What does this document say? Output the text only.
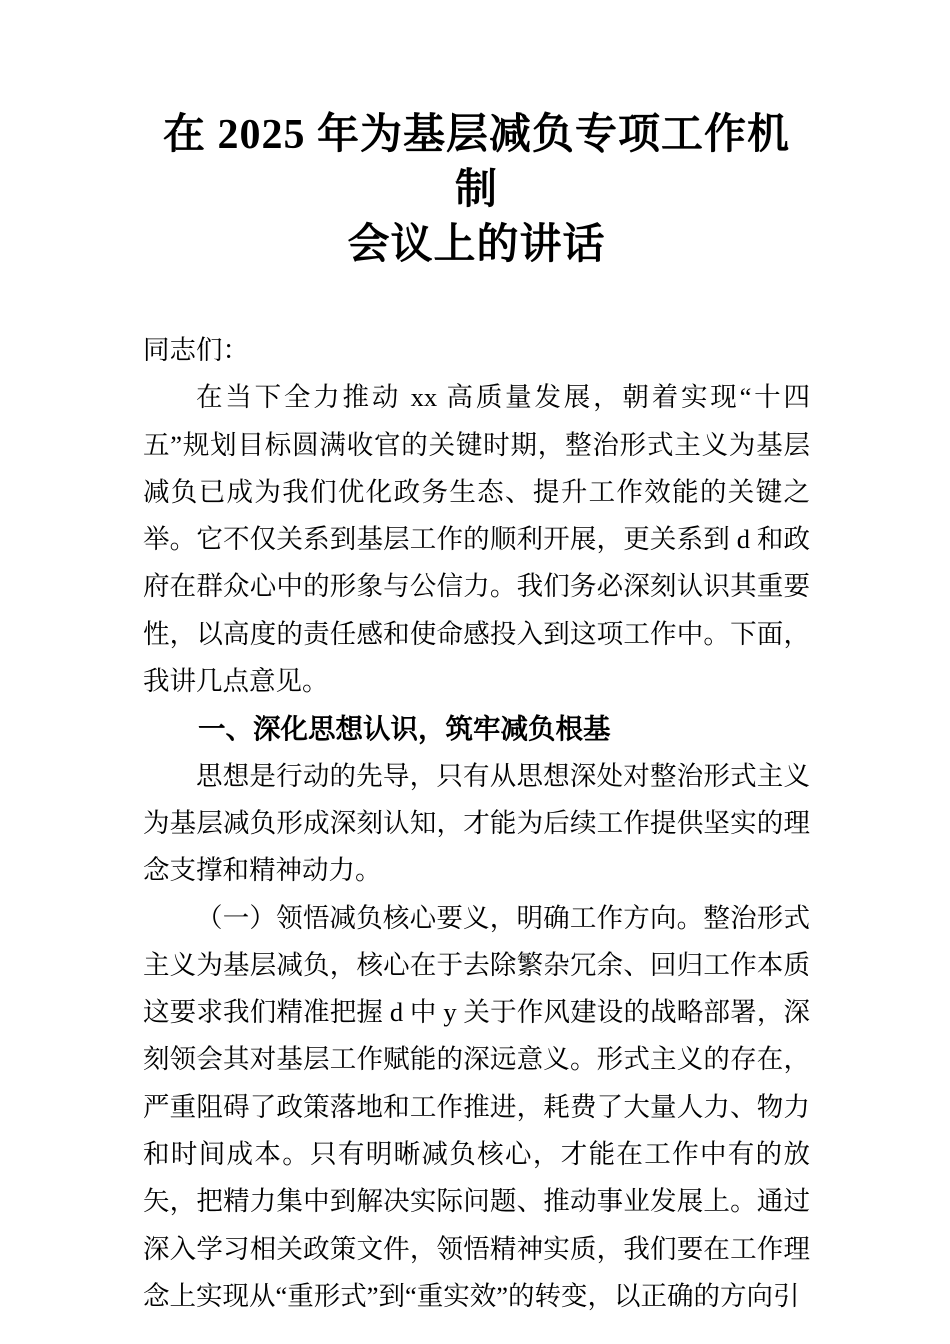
在 2025 年为基层减负专项工作机制
会议上的讲话

同志们：

在当下全力推动 xx 高质量发展，朝着实现“十四五”规划目标圆满收官的关键时期，整治形式主义为基层减负已成为我们优化政务生态、提升工作效能的关键之举。它不仅关系到基层工作的顺利开展，更关系到 d 和政府在群众心中的形象与公信力。我们务必深刻认识其重要性，以高度的责任感和使命感投入到这项工作中。下面，我讲几点意见。

一、深化思想认识，筑牢减负根基

思想是行动的先导，只有从思想深处对整治形式主义为基层减负形成深刻认知，才能为后续工作提供坚实的理念支撑和精神动力。

（一）领悟减负核心要义，明确工作方向。整治形式主义为基层减负，核心在于去除繁杂冗余、回归工作本质这要求我们精准把握 d 中 y 关于作风建设的战略部署，深刻领会其对基层工作赋能的深远意义。形式主义的存在，严重阻碍了政策落地和工作推进，耗费了大量人力、物力和时间成本。只有明晰减负核心，才能在工作中有的放矢，把精力集中到解决实际问题、推动事业发展上。通过深入学习相关政策文件，领悟精神实质，我们要在工作理念上实现从“重形式”到“重实效”的转变，以正确的方向引
